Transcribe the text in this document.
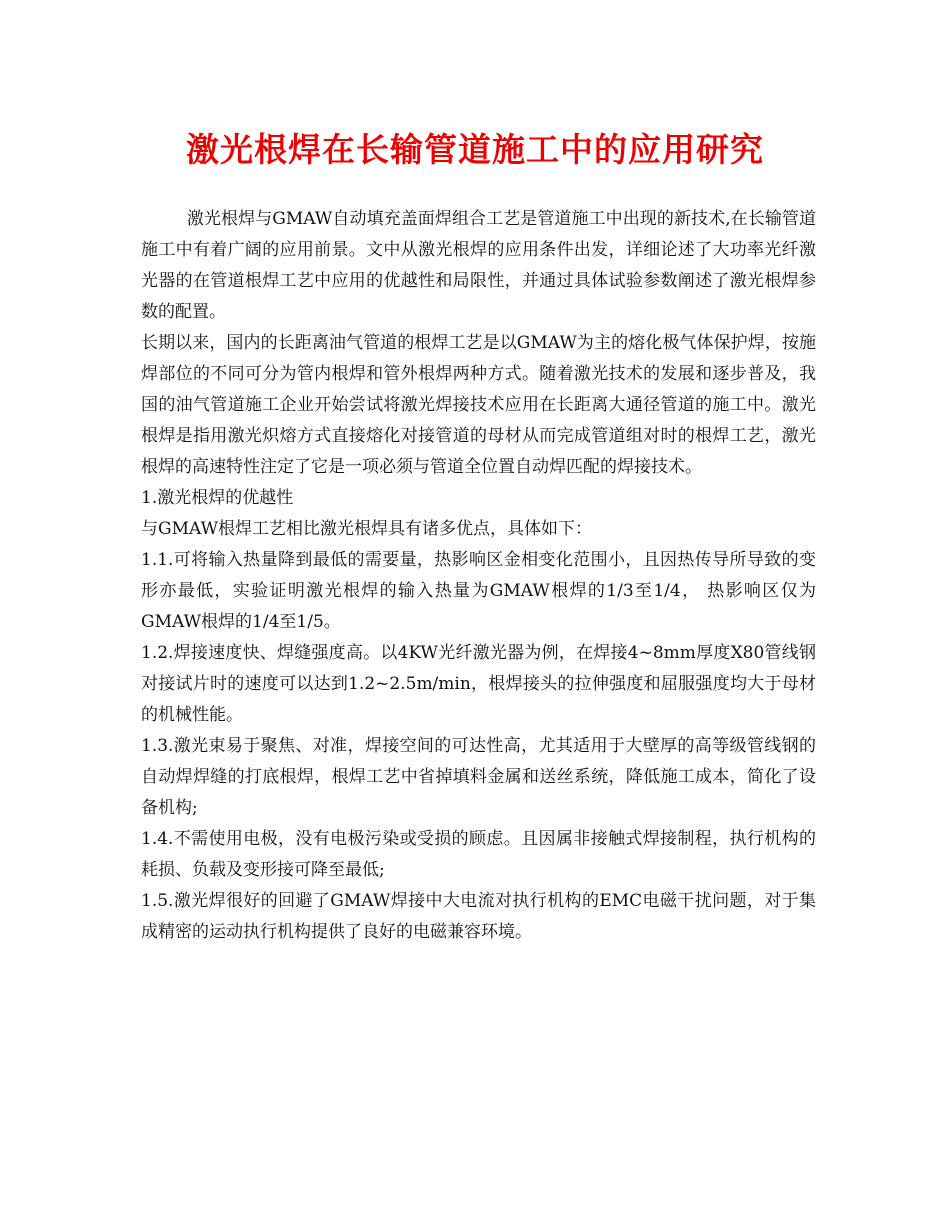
激光根焊在长输管道施工中的应用研究

激光根焊与GMAW自动填充盖面焊组合工艺是管道施工中出现的新技术,在长输管道施工中有着广阔的应用前景。文中从激光根焊的应用条件出发，详细论述了大功率光纤激光器的在管道根焊工艺中应用的优越性和局限性，并通过具体试验参数阐述了激光根焊参数的配置。

长期以来，国内的长距离油气管道的根焊工艺是以GMAW为主的熔化极气体保护焊，按施焊部位的不同可分为管内根焊和管外根焊两种方式。随着激光技术的发展和逐步普及，我国的油气管道施工企业开始尝试将激光焊接技术应用在长距离大通径管道的施工中。激光根焊是指用激光炽熔方式直接熔化对接管道的母材从而完成管道组对时的根焊工艺，激光根焊的高速特性注定了它是一项必须与管道全位置自动焊匹配的焊接技术。

1.激光根焊的优越性

与GMAW根焊工艺相比激光根焊具有诸多优点，具体如下：

1.1.可将输入热量降到最低的需要量，热影响区金相变化范围小，且因热传导所导致的变形亦最低，实验证明激光根焊的输入热量为GMAW根焊的1/3至1/4， 热影响区仅为 GMAW根焊的1/4至1/5。

1.2.焊接速度快、焊缝强度高。以4KW光纤激光器为例，在焊接4~8mm厚度X80管线钢对接试片时的速度可以达到1.2~2.5m/min，根焊接头的拉伸强度和屈服强度均大于母材的机械性能。

1.3.激光束易于聚焦、对准，焊接空间的可达性高，尤其适用于大壁厚的高等级管线钢的自动焊焊缝的打底根焊，根焊工艺中省掉填料金属和送丝系统，降低施工成本，简化了设备机构;

1.4.不需使用电极，没有电极污染或受损的顾虑。且因属非接触式焊接制程，执行机构的耗损、负载及变形接可降至最低;

1.5.激光焊很好的回避了GMAW焊接中大电流对执行机构的EMC电磁干扰问题，对于集成精密的运动执行机构提供了良好的电磁兼容环境。
